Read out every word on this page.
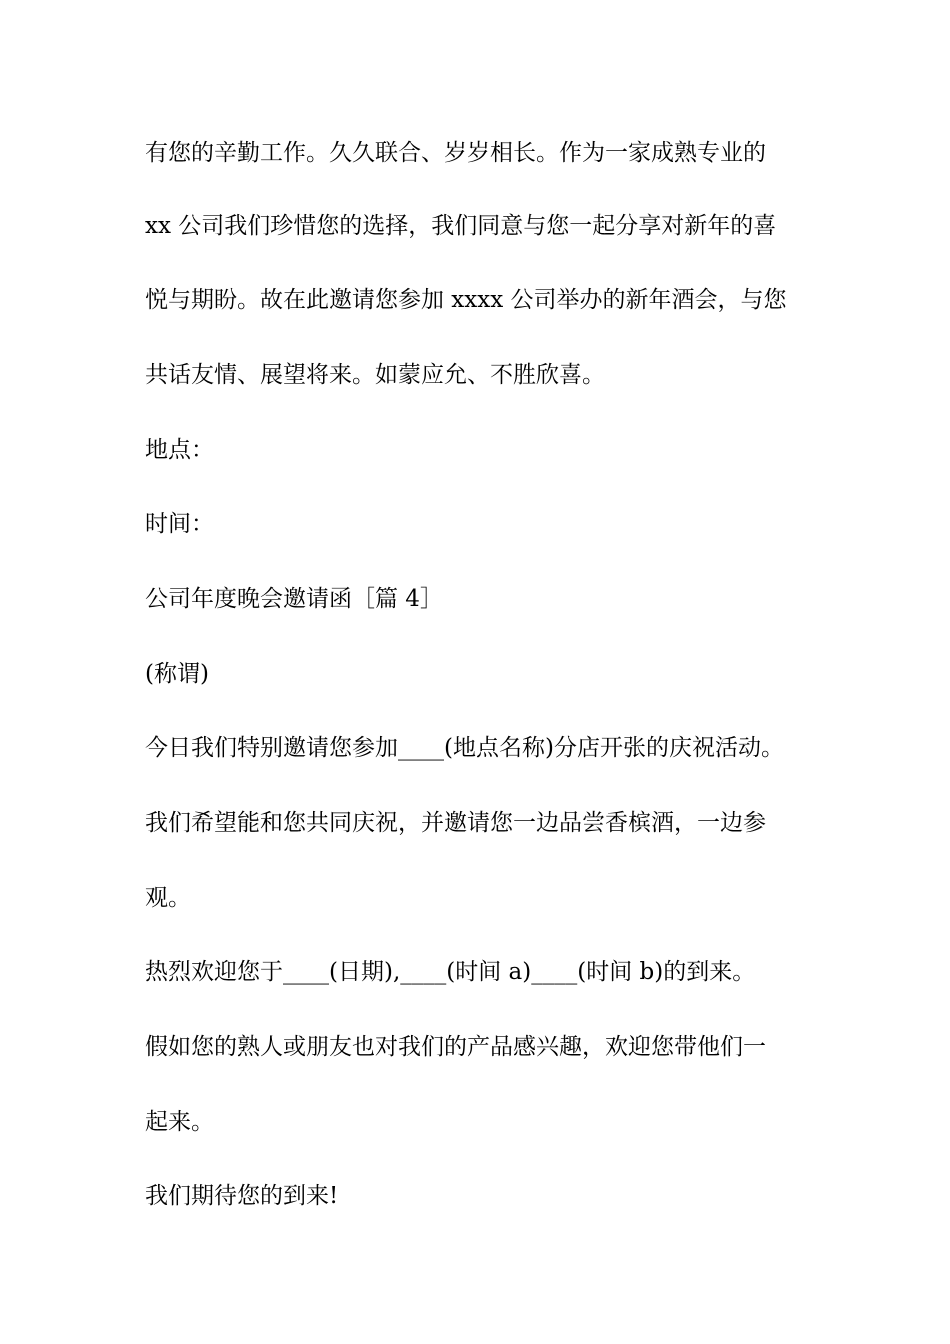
有您的辛勤工作。久久联合、岁岁相长。作为一家成熟专业的
xx 公司我们珍惜您的选择，我们同意与您一起分享对新年的喜
悦与期盼。故在此邀请您参加 xxxx 公司举办的新年酒会，与您
共话友情、展望将来。如蒙应允、不胜欣喜。
地点：
时间：
公司年度晚会邀请函［篇 4］
(称谓)
今日我们特别邀请您参加____(地点名称)分店开张的庆祝活动。
我们希望能和您共同庆祝，并邀请您一边品尝香槟酒，一边参
观。
热烈欢迎您于____(日期),____(时间 a)____(时间 b)的到来。
假如您的熟人或朋友也对我们的产品感兴趣，欢迎您带他们一
起来。
我们期待您的到来!
